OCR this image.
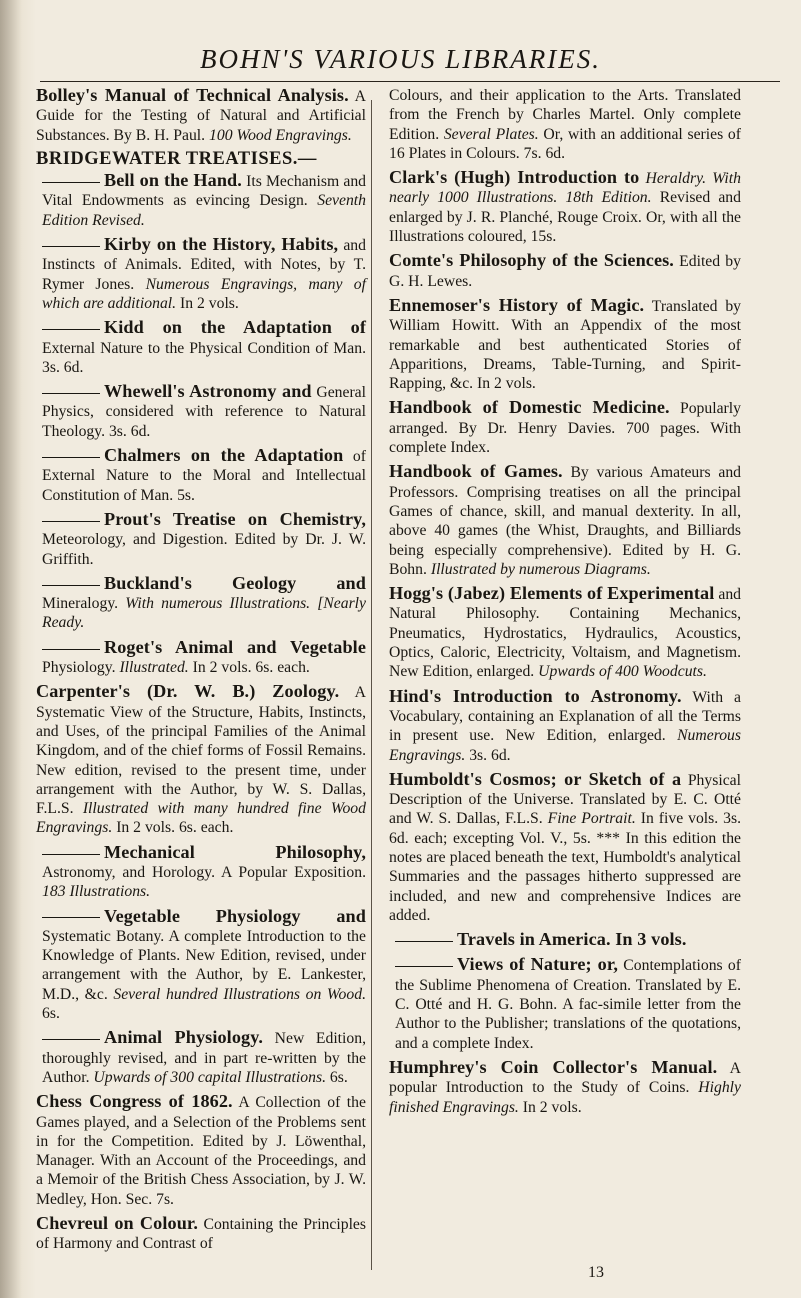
BOHN'S VARIOUS LIBRARIES.
Bolley's Manual of Technical Analysis. A Guide for the Testing of Natural and Artificial Substances. By B. H. Paul. 100 Wood Engravings.
BRIDGEWATER TREATISES.—
Bell on the Hand. Its Mechanism and Vital Endowments as evincing Design. Seventh Edition Revised.
Kirby on the History, Habits, and Instincts of Animals. Edited, with Notes, by T. Rymer Jones. Numerous Engravings, many of which are additional. In 2 vols.
Kidd on the Adaptation of External Nature to the Physical Condition of Man. 3s. 6d.
Whewell's Astronomy and General Physics, considered with reference to Natural Theology. 3s. 6d.
Chalmers on the Adaptation of External Nature to the Moral and Intellectual Constitution of Man. 5s.
Prout's Treatise on Chemistry, Meteorology, and Digestion. Edited by Dr. J. W. Griffith.
Buckland's Geology and Mineralogy. With numerous Illustrations. [Nearly Ready.
Roget's Animal and Vegetable Physiology. Illustrated. In 2 vols. 6s. each.
Carpenter's (Dr. W. B.) Zoology. A Systematic View of the Structure, Habits, Instincts, and Uses, of the principal Families of the Animal Kingdom, and of the chief forms of Fossil Remains. New edition, revised to the present time, under arrangement with the Author, by W. S. Dallas, F.L.S. Illustrated with many hundred fine Wood Engravings. In 2 vols. 6s. each.
Mechanical Philosophy, Astronomy, and Horology. A Popular Exposition. 183 Illustrations.
Vegetable Physiology and Systematic Botany. A complete Introduction to the Knowledge of Plants. New Edition, revised, under arrangement with the Author, by E. Lankester, M.D., &c. Several hundred Illustrations on Wood. 6s.
Animal Physiology. New Edition, thoroughly revised, and in part re-written by the Author. Upwards of 300 capital Illustrations. 6s.
Chess Congress of 1862. A Collection of the Games played, and a Selection of the Problems sent in for the Competition. Edited by J. Löwenthal, Manager. With an Account of the Proceedings, and a Memoir of the British Chess Association, by J. W. Medley, Hon. Sec. 7s.
Chevreul on Colour. Containing the Principles of Harmony and Contrast of
Colours, and their application to the Arts. Translated from the French by Charles Martel. Only complete Edition. Several Plates. Or, with an additional series of 16 Plates in Colours. 7s. 6d.
Clark's (Hugh) Introduction to Heraldry. With nearly 1000 Illustrations. 18th Edition. Revised and enlarged by J. R. Planché, Rouge Croix. Or, with all the Illustrations coloured, 15s.
Comte's Philosophy of the Sciences. Edited by G. H. Lewes.
Ennemoser's History of Magic. Translated by William Howitt. With an Appendix of the most remarkable and best authenticated Stories of Apparitions, Dreams, Table-Turning, and Spirit-Rapping, &c. In 2 vols.
Handbook of Domestic Medicine. Popularly arranged. By Dr. Henry Davies. 700 pages. With complete Index.
Handbook of Games. By various Amateurs and Professors. Comprising treatises on all the principal Games of chance, skill, and manual dexterity. In all, above 40 games (the Whist, Draughts, and Billiards being especially comprehensive). Edited by H. G. Bohn. Illustrated by numerous Diagrams.
Hogg's (Jabez) Elements of Experimental and Natural Philosophy. Containing Mechanics, Pneumatics, Hydrostatics, Hydraulics, Acoustics, Optics, Caloric, Electricity, Voltaism, and Magnetism. New Edition, enlarged. Upwards of 400 Woodcuts.
Hind's Introduction to Astronomy. With a Vocabulary, containing an Explanation of all the Terms in present use. New Edition, enlarged. Numerous Engravings. 3s. 6d.
Humboldt's Cosmos; or Sketch of a Physical Description of the Universe. Translated by E. C. Otté and W. S. Dallas, F.L.S. Fine Portrait. In five vols. 3s. 6d. each; excepting Vol. V., 5s. *** In this edition the notes are placed beneath the text, Humboldt's analytical Summaries and the passages hitherto suppressed are included, and new and comprehensive Indices are added.
Travels in America. In 3 vols.
Views of Nature; or, Contemplations of the Sublime Phenomena of Creation. Translated by E. C. Otté and H. G. Bohn. A fac-simile letter from the Author to the Publisher; translations of the quotations, and a complete Index.
Humphrey's Coin Collector's Manual. A popular Introduction to the Study of Coins. Highly finished Engravings. In 2 vols.
13
